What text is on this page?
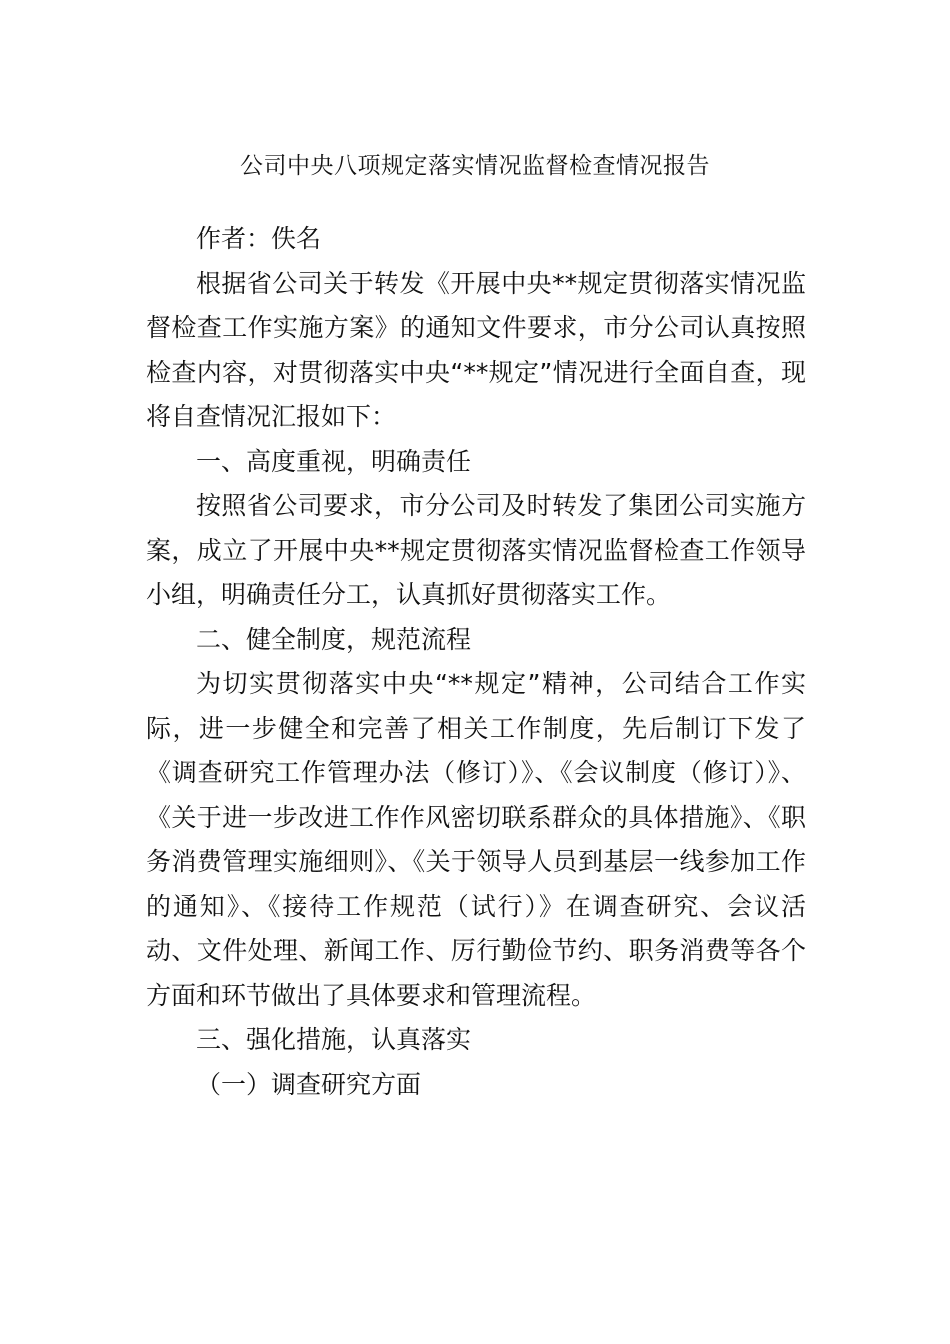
公司中央八项规定落实情况监督检查情况报告

作者：佚名

根据省公司关于转发《开展中央**规定贯彻落实情况监督检查工作实施方案》的通知文件要求，市分公司认真按照检查内容，对贯彻落实中央“**规定”情况进行全面自查，现将自查情况汇报如下：

一、高度重视，明确责任

按照省公司要求，市分公司及时转发了集团公司实施方案，成立了开展中央**规定贯彻落实情况监督检查工作领导小组，明确责任分工，认真抓好贯彻落实工作。

二、健全制度，规范流程

为切实贯彻落实中央“**规定”精神，公司结合工作实际，进一步健全和完善了相关工作制度，先后制订下发了《调查研究工作管理办法（修订）》、《会议制度（修订）》、《关于进一步改进工作作风密切联系群众的具体措施》、《职务消费管理实施细则》、《关于领导人员到基层一线参加工作的通知》、《接待工作规范（试行）》在调查研究、会议活动、文件处理、新闻工作、厉行勤俭节约、职务消费等各个方面和环节做出了具体要求和管理流程。

三、强化措施，认真落实

（一）调查研究方面
